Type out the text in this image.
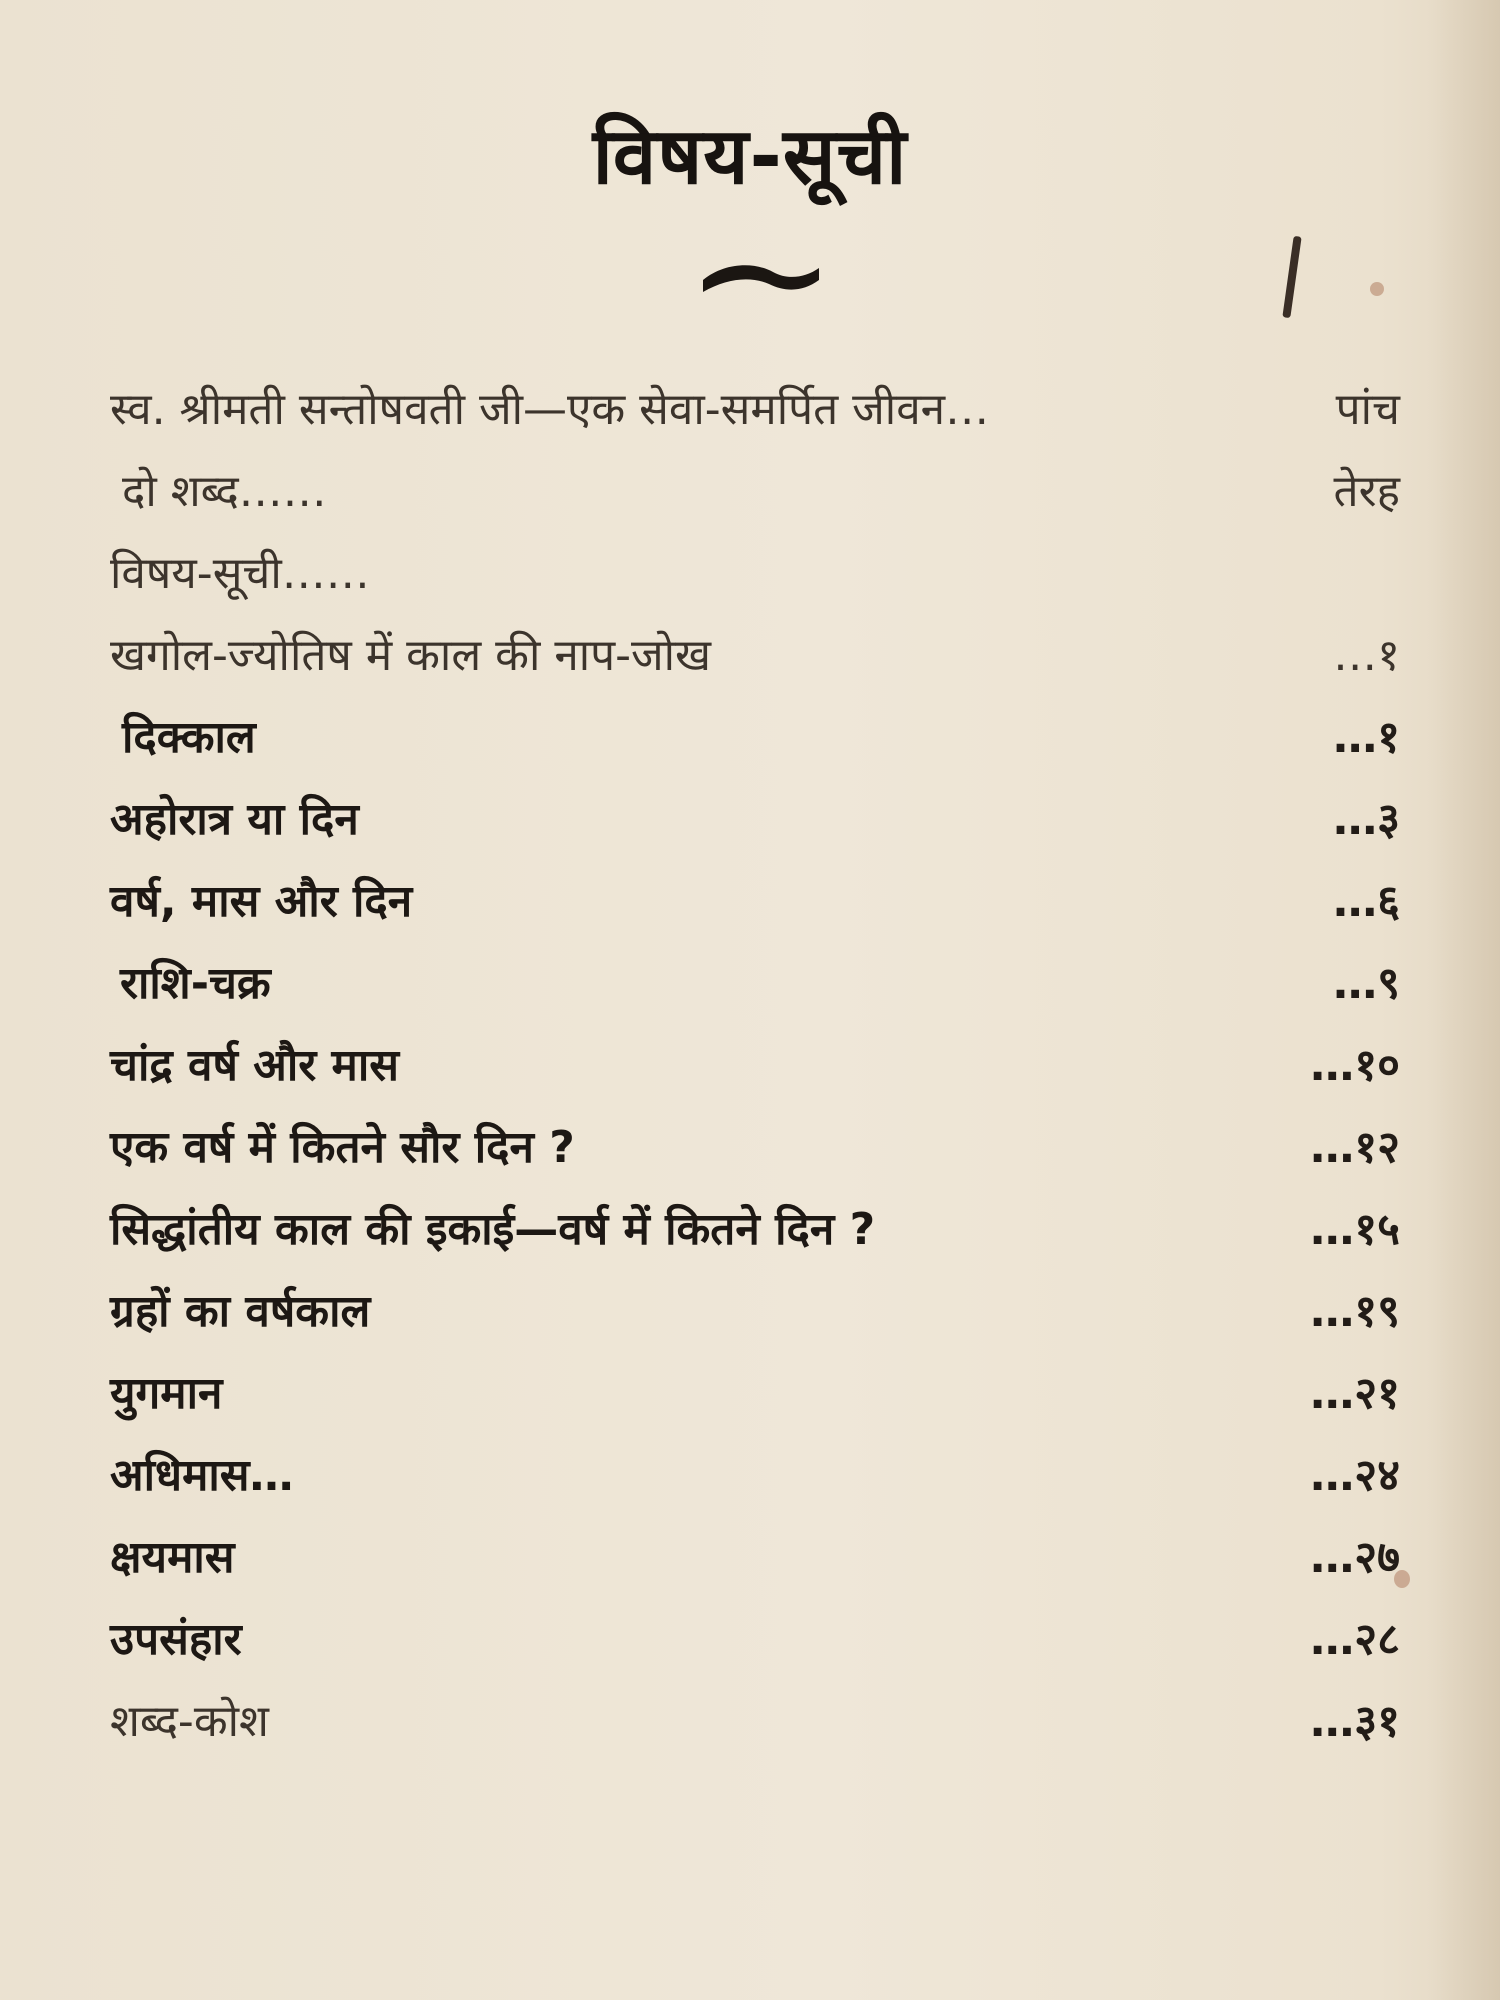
विषय-सूची
स्व. श्रीमती सन्तोषवती जी—एक सेवा-समर्पित जीवन…	पांच
दो शब्द……	तेरह
विषय-सूची……
खगोल-ज्योतिष में काल की नाप-जोख	…१
दिक्काल	…१
अहोरात्र या दिन	…३
वर्ष, मास और दिन	…६
राशि-चक्र	…९
चांद्र वर्ष और मास	…१०
एक वर्ष में कितने सौर दिन ?	…१२
सिद्धांतीय काल की इकाई—वर्ष में कितने दिन ?	…१५
ग्रहों का वर्षकाल	…१९
युगमान	…२१
अधिमास…	…२४
क्षयमास	…२७
उपसंहार	…२८
शब्द-कोश	…३१
